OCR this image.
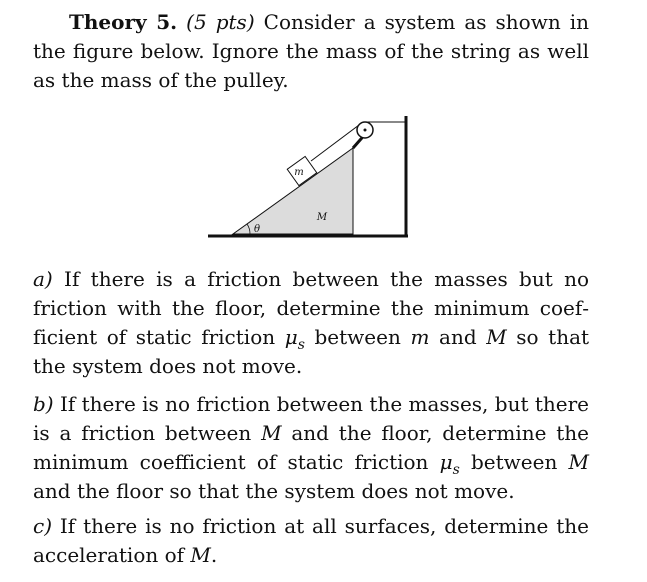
Theory 5. (5 pts) Consider a system as shown in the figure below. Ignore the mass of the string as well as the mass of the pulley.

m
M
θ

a) If there is a friction between the masses but no friction with the floor, determine the minimum coefficient of static friction $\mu_s$ between m and M so that the system does not move.

b) If there is no friction between the masses, but there is a friction between M and the floor, determine the minimum coefficient of static friction $\mu_s$ between M and the floor so that the system does not move.

c) If there is no friction at all surfaces, determine the acceleration of M.
